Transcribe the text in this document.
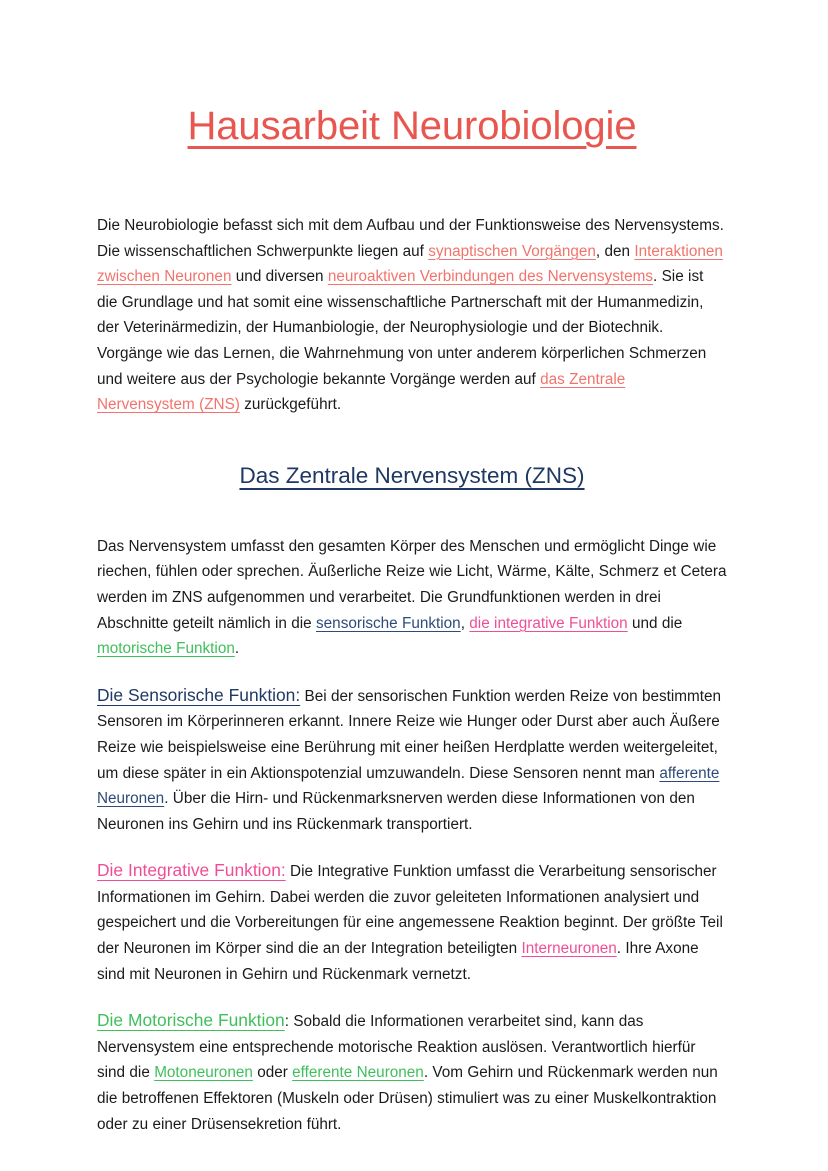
Hausarbeit Neurobiologie

Die Neurobiologie befasst sich mit dem Aufbau und der Funktionsweise des Nervensystems. Die wissenschaftlichen Schwerpunkte liegen auf synaptischen Vorgängen, den Interaktionen zwischen Neuronen und diversen neuroaktiven Verbindungen des Nervensystems. Sie ist die Grundlage und hat somit eine wissenschaftliche Partnerschaft mit der Humanmedizin, der Veterinärmedizin, der Humanbiologie, der Neurophysiologie und der Biotechnik. Vorgänge wie das Lernen, die Wahrnehmung von unter anderem körperlichen Schmerzen und weitere aus der Psychologie bekannte Vorgänge werden auf das Zentrale Nervensystem (ZNS) zurückgeführt.

Das Zentrale Nervensystem (ZNS)

Das Nervensystem umfasst den gesamten Körper des Menschen und ermöglicht Dinge wie riechen, fühlen oder sprechen. Äußerliche Reize wie Licht, Wärme, Kälte, Schmerz et Cetera werden im ZNS aufgenommen und verarbeitet. Die Grundfunktionen werden in drei Abschnitte geteilt nämlich in die sensorische Funktion, die integrative Funktion und die motorische Funktion.

Die Sensorische Funktion: Bei der sensorischen Funktion werden Reize von bestimmten Sensoren im Körperinneren erkannt. Innere Reize wie Hunger oder Durst aber auch Äußere Reize wie beispielsweise eine Berührung mit einer heißen Herdplatte werden weitergeleitet, um diese später in ein Aktionspotenzial umzuwandeln. Diese Sensoren nennt man afferente Neuronen. Über die Hirn- und Rückenmarksnerven werden diese Informationen von den Neuronen ins Gehirn und ins Rückenmark transportiert.

Die Integrative Funktion: Die Integrative Funktion umfasst die Verarbeitung sensorischer Informationen im Gehirn. Dabei werden die zuvor geleiteten Informationen analysiert und gespeichert und die Vorbereitungen für eine angemessene Reaktion beginnt. Der größte Teil der Neuronen im Körper sind die an der Integration beteiligten Interneuronen. Ihre Axone sind mit Neuronen in Gehirn und Rückenmark vernetzt.

Die Motorische Funktion: Sobald die Informationen verarbeitet sind, kann das Nervensystem eine entsprechende motorische Reaktion auslösen. Verantwortlich hierfür sind die Motoneuronen oder efferente Neuronen. Vom Gehirn und Rückenmark werden nun die betroffenen Effektoren (Muskeln oder Drüsen) stimuliert was zu einer Muskelkontraktion oder zu einer Drüsensekretion führt.
